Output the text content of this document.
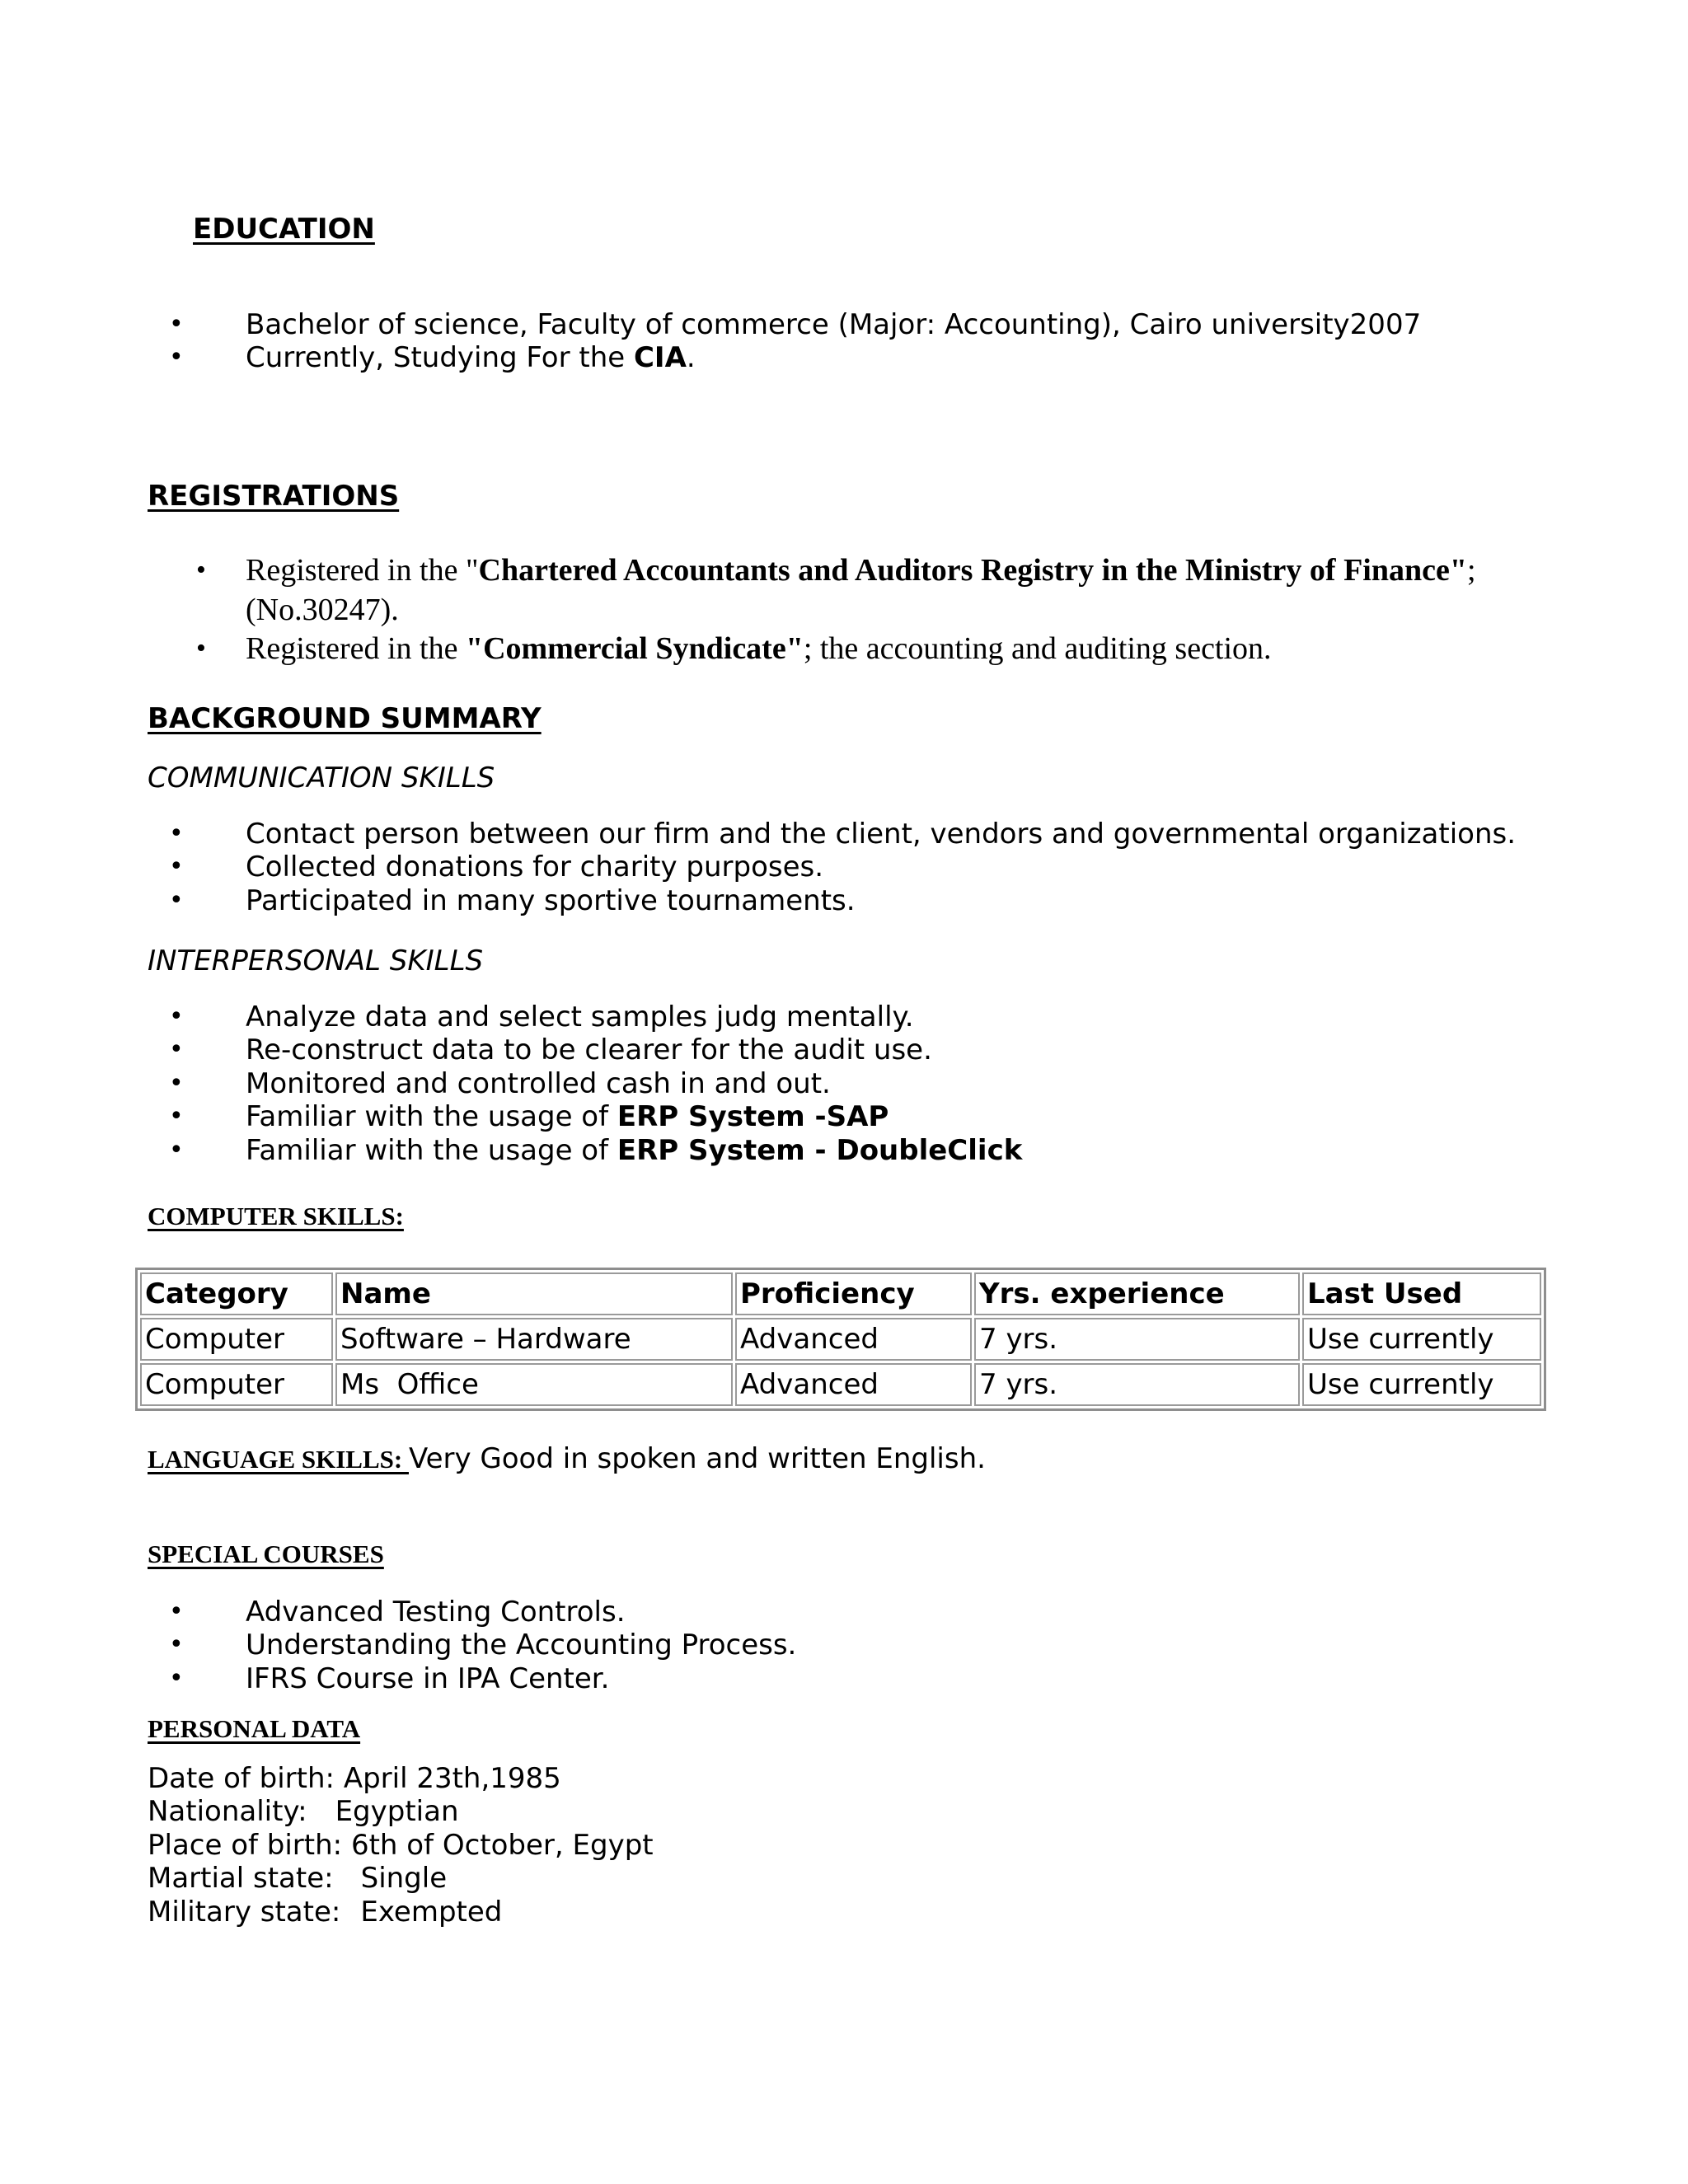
EDUCATION
• Bachelor of science, Faculty of commerce (Major: Accounting), Cairo university2007
• Currently, Studying For the CIA.
REGISTRATIONS
• Registered in the "Chartered Accountants and Auditors Registry in the Ministry of Finance"; (No.30247).
• Registered in the "Commercial Syndicate"; the accounting and auditing section.
BACKGROUND SUMMARY
COMMUNICATION SKILLS
• Contact person between our firm and the client, vendors and governmental organizations.
• Collected donations for charity purposes.
• Participated in many sportive tournaments.
INTERPERSONAL SKILLS
• Analyze data and select samples judg mentally.
• Re-construct data to be clearer for the audit use.
• Monitored and controlled cash in and out.
• Familiar with the usage of ERP System -SAP
• Familiar with the usage of ERP System - DoubleClick
COMPUTER SKILLS:
Category	Name	Proficiency	Yrs. experience	Last Used
Computer	Software – Hardware	Advanced	7 yrs.	Use currently
Computer	Ms  Office	Advanced	7 yrs.	Use currently
LANGUAGE SKILLS: Very Good in spoken and written English.
SPECIAL COURSES
• Advanced Testing Controls.
• Understanding the Accounting Process.
• IFRS Course in IPA Center.
PERSONAL DATA
Date of birth: April 23th,1985
Nationality: Egyptian
Place of birth: 6th of October, Egypt
Martial state: Single
Military state: Exempted
